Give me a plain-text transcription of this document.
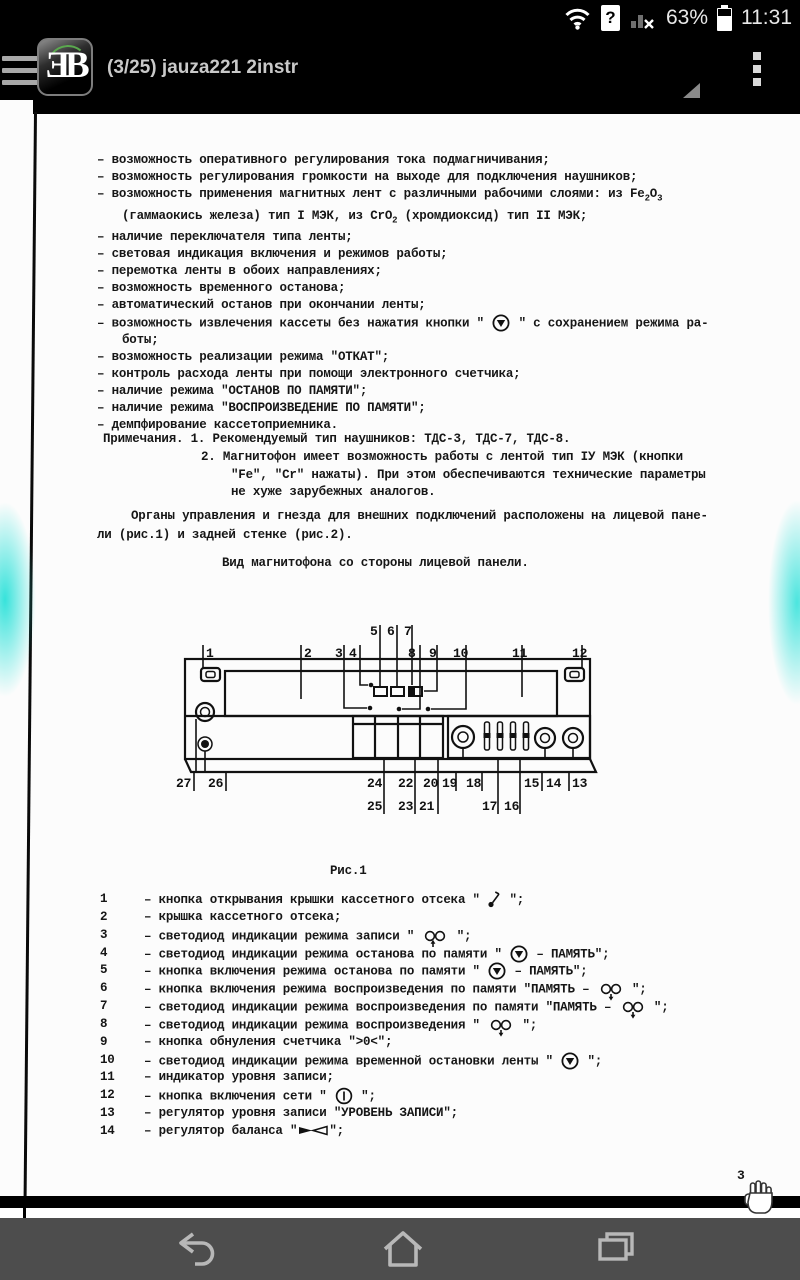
? 63% 11:31
ƎB	(3/25) jauza221 2instr
– возможность оперативного регулирования тока подмагничивания;
– возможность регулирования громкости на выходе для подключения наушников;
– возможность применения магнитных лент с различными рабочими слоями: из $Fe_2O_3$
(гаммаокись железа) тип I МЭК, из CrO$_2$ (хромдиоксид) тип II МЭК;
– наличие переключателя типа ленты;
– световая индикация включения и режимов работы;
– перемотка ленты в обоих направлениях;
– возможность временного останова;
– автоматический останов при окончании ленты;
– возможность извлечения кассеты без нажатия кнопки "
" с сохранением режима ра-
боты;
– возможность реализации режима "ОТКАТ";
– контроль расхода ленты при помощи электронного счетчика;
– наличие режима "ОСТАНОВ ПО ПАМЯТИ";
– наличие режима "ВОСПРОИЗВЕДЕНИЕ ПО ПАМЯТИ";
– демпфирование кассетоприемника.
Примечания. 1. Рекомендуемый тип наушников: ТДС-3, ТДС-7, ТДС-8.
2. Магнитофон имеет возможность работы с лентой тип IУ МЭК (кнопки
"Fe", "Cr" нажаты). При этом обеспечиваются технические параметры
не хуже зарубежных аналогов.
Органы управления и гнезда для внешних подключений расположены на лицевой пане-
ли (рис.1) и задней стенке (рис.2).
Вид магнитофона со стороны лицевой панели.
5 6 7
1	2 3 4	8 9 10	11	12
27 26	24 22 20 19 18	15 14 13
25 23 21	17 16
Рис.1
1	– кнопка открывания крышки кассетного отсека "
";
2	– крышка кассетного отсека;
3	– светодиод индикации режима записи "
";
4	– светодиод индикации режима останова по памяти "
– ПАМЯТЬ";
5	– кнопка включения режима останова по памяти "
– ПАМЯТЬ";
6	– кнопка включения режима воспроизведения по памяти "ПАМЯТЬ –
";
7	– светодиод индикации режима воспроизведения по памяти "ПАМЯТЬ –
";
8	– светодиод индикации режима воспроизведения "
";
9	– кнопка обнуления счетчика ">0<";
10 – светодиод индикации режима временной остановки ленты "
";
11 – индикатор уровня записи;
12 – кнопка включения сети "
";
13 – регулятор уровня записи "УРОВЕНЬ ЗАПИСИ";
14 – регулятор баланса "	";
3
